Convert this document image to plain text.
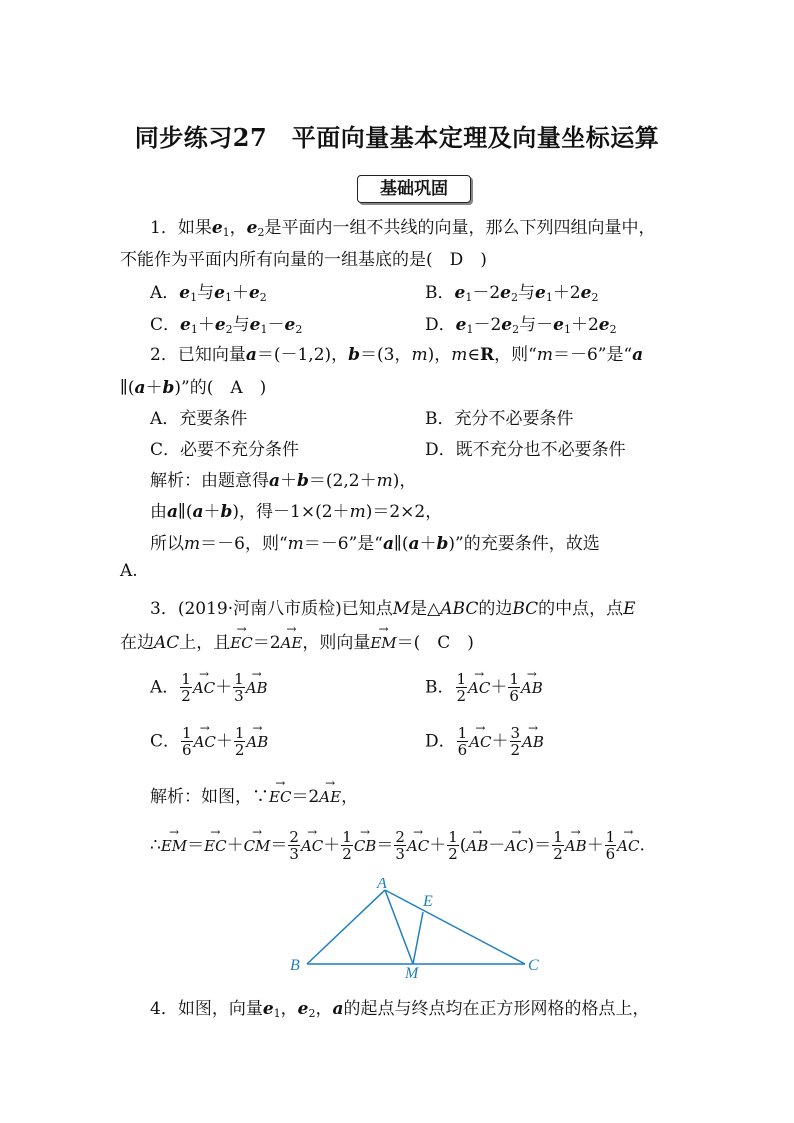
同步练习27　平面向量基本定理及向量坐标运算
基础巩固
1．如果$e_1$，$e_2$是平面内一组不共线的向量，那么下列四组向量中，
不能作为平面内所有向量的一组基底的是(　D　)
A．$e_1$与$e_1+e_2$	B．$e_1-2e_2$与$e_1+2e_2$
C．$e_1+e_2$与$e_1-e_2$	D．$e_1-2e_2$与$-e_1+2e_2$
2．已知向量a＝(－1,2)，b＝(3，m)，m∈R，则“m＝－6”是“a
∥(a＋b)”的(　A　)
A．充要条件	B．充分不必要条件
C．必要不充分条件	D．既不充分也不必要条件
解析：由题意得a＋b＝(2,2＋m)，
由a∥(a＋b)，得－1×(2＋m)＝2×2，
所以m＝－6，则“m＝－6”是“a∥(a＋b)”的充要条件，故选
A.
3．(2019·河南八市质检)已知点M是△ABC的边BC的中点，点E
在边AC上，且→ EC＝2→ AE，则向量→ EM＝(　C　)
A． $\frac{1}{2}$
→ $AC+ \frac{1}{3}$
→ AB	B． $\frac{1}{2}$
→ $AC+ \frac{1}{6}$
→ AB
C． $\frac{1}{6}$
→ $AC+ \frac{1}{2}$
→ AB	D． $\frac{1}{6}$
→ $AC+ \frac{3}{2}$
→ AB
解析：如图，∵→ EC＝2→ AE，
∴→ $EM=\to EC+\to CM= \frac{2}{3}$
→ $AC+ \frac{1}{2}$
→ $CB= \frac{2}{3}$
→ $AC+ \frac{1}{2}$ (→ $AB-\to AC)= \frac{1}{2}$
→ $AB+ \frac{1}{6}$
→ AC.
A
E
B	M	C
4．如图，向量$e_1$，$e_2$，a的起点与终点均在正方形网格的格点上，
